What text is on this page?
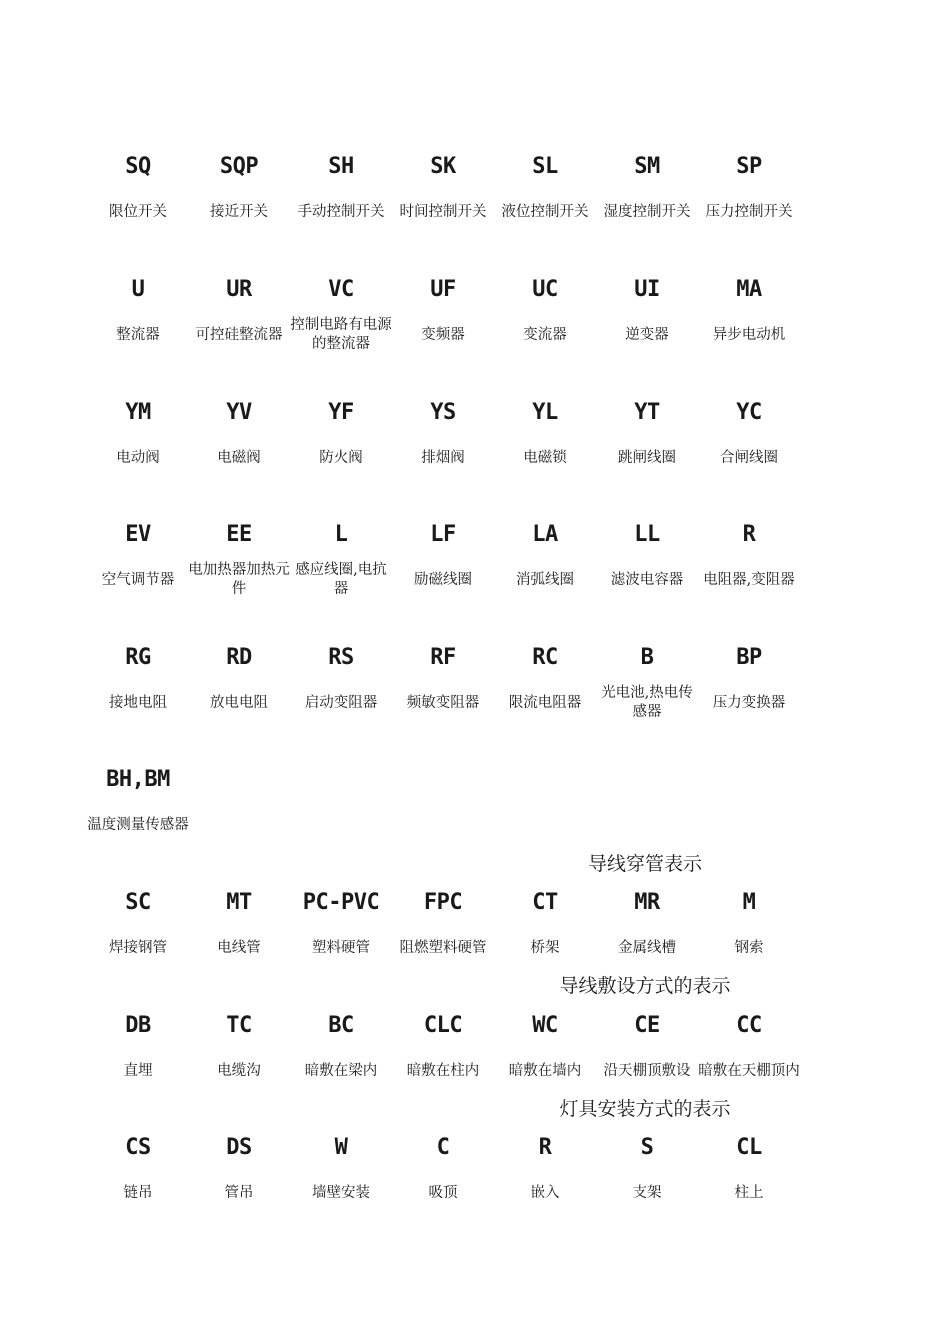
SQ
限位开关
SQP
接近开关
SH
手动控制开关
SK
时间控制开关
SL
液位控制开关
SM
湿度控制开关
SP
压力控制开关
U
整流器
UR
可控硅整流器
VC
控制电路有电源的整流器
UF
变频器
UC
变流器
UI
逆变器
MA
异步电动机
YM
电动阀
YV
电磁阀
YF
防火阀
YS
排烟阀
YL
电磁锁
YT
跳闸线圈
YC
合闸线圈
EV
空气调节器
EE
电加热器加热元件
L
感应线圈,电抗器
LF
励磁线圈
LA
消弧线圈
LL
滤波电容器
R
电阻器,变阻器
RG
接地电阻
RD
放电电阻
RS
启动变阻器
RF
频敏变阻器
RC
限流电阻器
B
光电池,热电传感器
BP
压力变换器
BH,BM
温度测量传感器
SC
焊接钢管
MT
电线管
PC-PVC
塑料硬管
FPC
阻燃塑料硬管
CT
桥架
MR
金属线槽
M
钢索
DB
直埋
TC
电缆沟
BC
暗敷在梁内
CLC
暗敷在柱内
WC
暗敷在墙内
CE
沿天棚顶敷设
CC
暗敷在天棚顶内
CS
链吊
DS
管吊
W
墙壁安装
C
吸顶
R
嵌入
S
支架
CL
柱上
导线穿管表示
导线敷设方式的表示
灯具安装方式的表示
